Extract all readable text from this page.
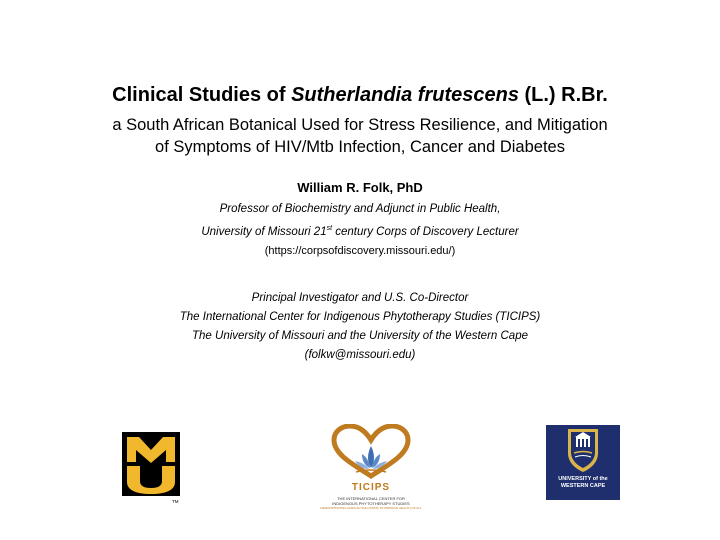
Clinical Studies of Sutherlandia frutescens (L.) R.Br.
a South African Botanical Used for Stress Resilience, and Mitigation
of Symptoms of HIV/Mtb Infection, Cancer and Diabetes
William R. Folk, PhD
Professor of Biochemistry and Adjunct in Public Health,
University of Missouri 21st century Corps of Discovery Lecturer
(https://corpsofdiscovery.missouri.edu/)
Principal Investigator and U.S. Co-Director
The International Center for Indigenous Phytotherapy Studies (TICIPS)
The University of Missouri and the University of the Western Cape
(folkw@missouri.edu)
TM
TICIPS
THE INTERNATIONAL CENTER FOR
INDIGENOUS PHYTOTHERAPY STUDIES
DEMONSTRATING AFRICAN SOLUTIONS TO IMPROVE HEALTH OF ALL
UNIVERSITY of the
WESTERN CAPE
